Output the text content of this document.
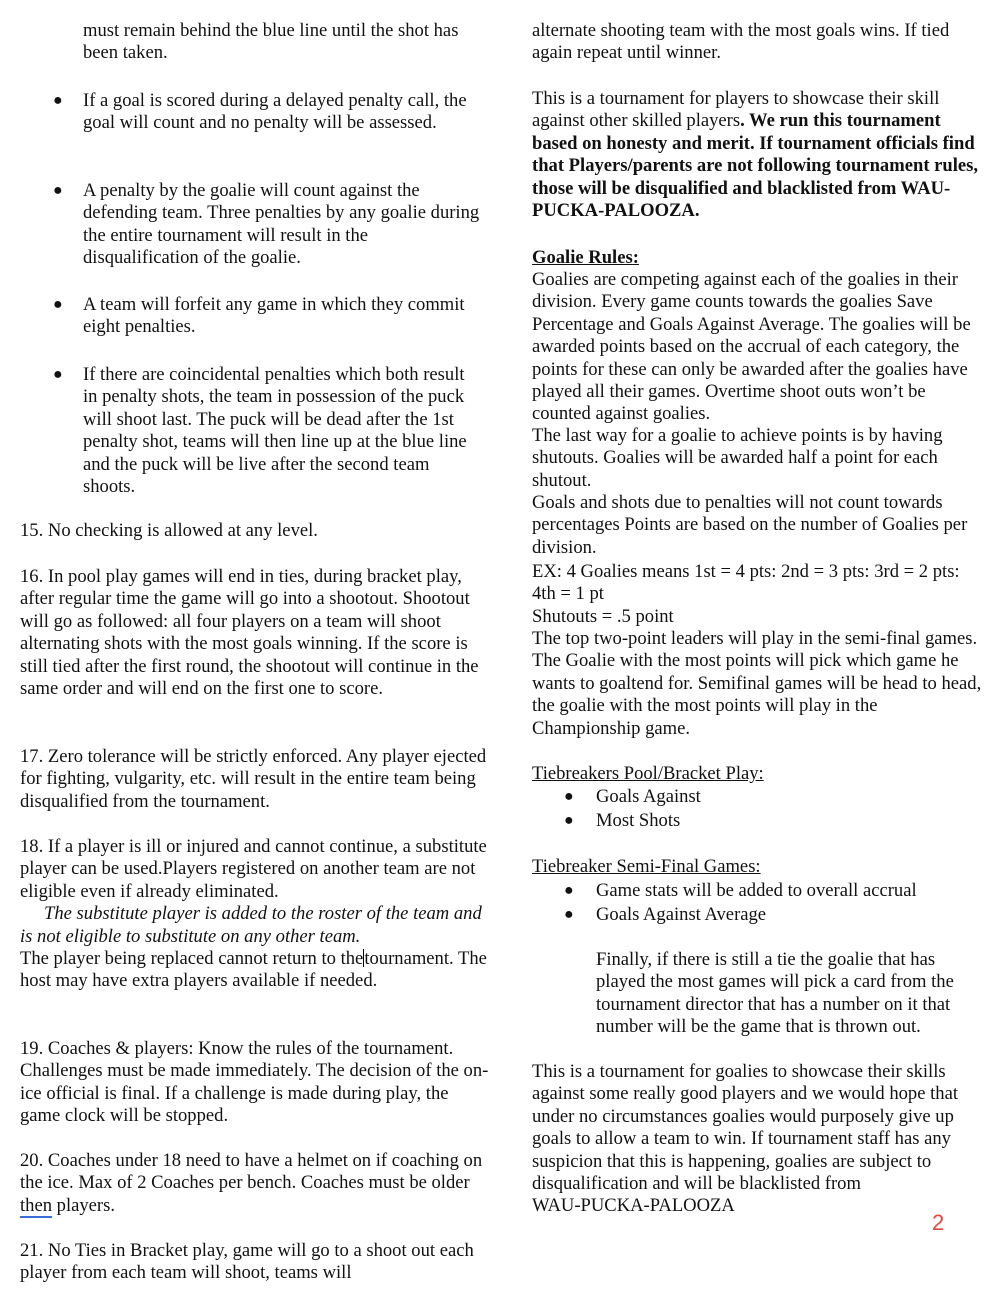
must remain behind the blue line until the shot has been taken.

● If a goal is scored during a delayed penalty call, the goal will count and no penalty will be assessed.

● A penalty by the goalie will count against the defending team. Three penalties by any goalie during the entire tournament will result in the disqualification of the goalie.

● A team will forfeit any game in which they commit eight penalties.

● If there are coincidental penalties which both result in penalty shots, the team in possession of the puck will shoot last. The puck will be dead after the 1st penalty shot, teams will then line up at the blue line and the puck will be live after the second team shoots.

15. No checking is allowed at any level.

16. In pool play games will end in ties, during bracket play, after regular time the game will go into a shootout. Shootout will go as followed: all four players on a team will shoot alternating shots with the most goals winning. If the score is still tied after the first round, the shootout will continue in the same order and will end on the first one to score.

17. Zero tolerance will be strictly enforced. Any player ejected for fighting, vulgarity, etc. will result in the entire team being disqualified from the tournament.

18. If a player is ill or injured and cannot continue, a substitute player can be used.Players registered on another team are not eligible even if already eliminated.

The substitute player is added to the roster of the team and is not eligible to substitute on any other team.

The player being replaced cannot return to thetournament. The host may have extra players available if needed.

19. Coaches & players: Know the rules of the tournament. Challenges must be made immediately. The decision of the on-ice official is final. If a challenge is made during play, the game clock will be stopped.

20. Coaches under 18 need to have a helmet on if coaching on the ice. Max of 2 Coaches per bench. Coaches must be older then players.

21. No Ties in Bracket play, game will go to a shoot out each player from each team will shoot, teams will

alternate shooting team with the most goals wins. If tied again repeat until winner.

This is a tournament for players to showcase their skill against other skilled players. We run this tournament based on honesty and merit. If tournament officials find that Players/parents are not following tournament rules, those will be disqualified and blacklisted from WAU-PUCKA-PALOOZA.

Goalie Rules:

Goalies are competing against each of the goalies in their division. Every game counts towards the goalies Save Percentage and Goals Against Average. The goalies will be awarded points based on the accrual of each category, the points for these can only be awarded after the goalies have played all their games. Overtime shoot outs won’t be counted against goalies.

The last way for a goalie to achieve points is by having shutouts. Goalies will be awarded half a point for each shutout.

Goals and shots due to penalties will not count towards percentages Points are based on the number of Goalies per division.

EX: 4 Goalies means 1st = 4 pts: 2nd = 3 pts: 3rd = 2 pts: 4th = 1 pt

Shutouts = .5 point

The top two-point leaders will play in the semi-final games. The Goalie with the most points will pick which game he wants to goaltend for. Semifinal games will be head to head, the goalie with the most points will play in the Championship game.

Tiebreakers Pool/Bracket Play:

● Goals Against
● Most Shots

Tiebreaker Semi-Final Games:

● Game stats will be added to overall accrual
● Goals Against Average

Finally, if there is still a tie the goalie that has played the most games will pick a card from the tournament director that has a number on it that number will be the game that is thrown out.

This is a tournament for goalies to showcase their skills against some really good players and we would hope that under no circumstances goalies would purposely give up goals to allow a team to win. If tournament staff has any suspicion that this is happening, goalies are subject to disqualification and will be blacklisted from
WAU-PUCKA-PALOOZA

2
